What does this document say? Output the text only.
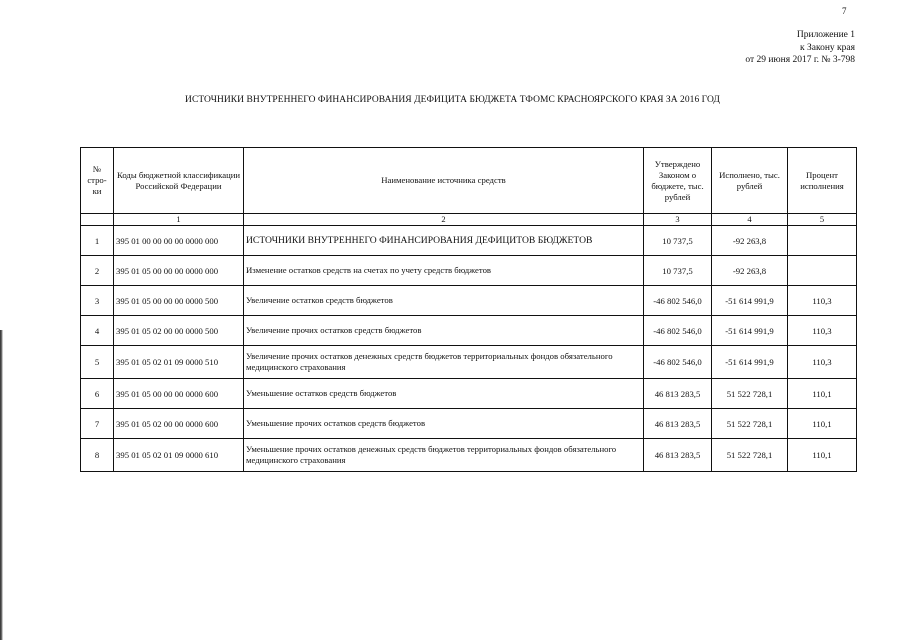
7
Приложение 1
к Закону края
от 29 июня 2017 г. № 3-798
ИСТОЧНИКИ ВНУТРЕННЕГО ФИНАНСИРОВАНИЯ ДЕФИЦИТА БЮДЖЕТА ТФОМС КРАСНОЯРСКОГО КРАЯ ЗА 2016 ГОД
№ стро-ки	Коды бюджетной классификации Российской Федерации	Наименование источника средств	Утверждено Законом о бюджете, тыс. рублей	Исполнено, тыс. рублей	Процент исполнения
	1	2	3	4	5
1	395 01 00 00 00 00 0000 000	ИСТОЧНИКИ ВНУТРЕННЕГО ФИНАНСИРОВАНИЯ ДЕФИЦИТОВ БЮДЖЕТОВ	10 737,5	-92 263,8	
2	395 01 05 00 00 00 0000 000	Изменение остатков средств на счетах по учету средств бюджетов	10 737,5	-92 263,8	
3	395 01 05 00 00 00 0000 500	Увеличение остатков средств бюджетов	-46 802 546,0	-51 614 991,9	110,3
4	395 01 05 02 00 00 0000 500	Увеличение прочих остатков средств бюджетов	-46 802 546,0	-51 614 991,9	110,3
5	395 01 05 02 01 09 0000 510	Увеличение прочих остатков денежных средств бюджетов территориальных фондов обязательного медицинского страхования	-46 802 546,0	-51 614 991,9	110,3
6	395 01 05 00 00 00 0000 600	Уменьшение остатков средств бюджетов	46 813 283,5	51 522 728,1	110,1
7	395 01 05 02 00 00 0000 600	Уменьшение прочих остатков средств бюджетов	46 813 283,5	51 522 728,1	110,1
8	395 01 05 02 01 09 0000 610	Уменьшение прочих остатков денежных средств бюджетов территориальных фондов обязательного медицинского страхования	46 813 283,5	51 522 728,1	110,1
